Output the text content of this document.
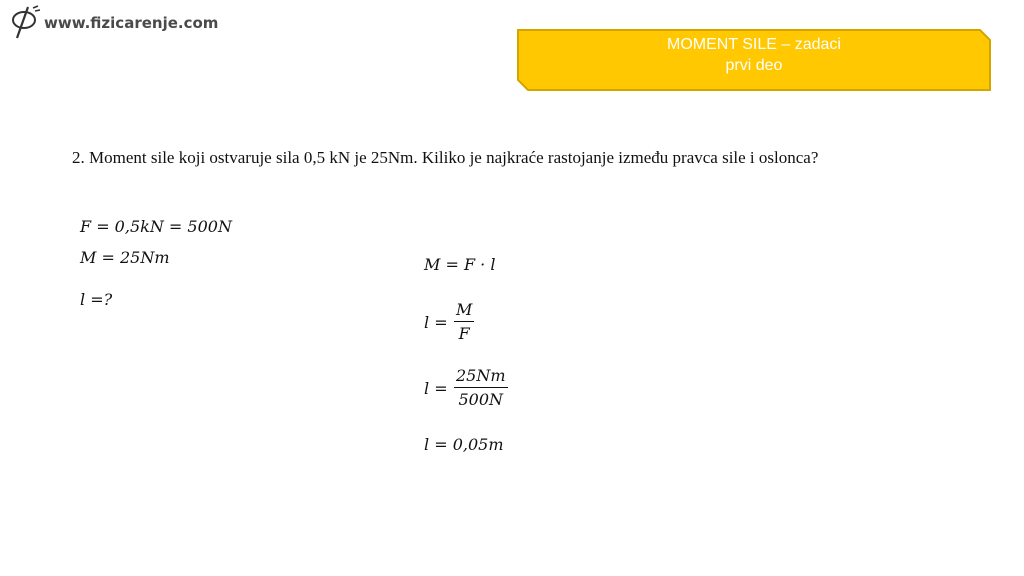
www.fizicarenje.com
MOMENT SILE – zadaci
prvi deo
2. Moment sile koji ostvaruje sila 0,5 kN je 25Nm. Kiliko je najkraće rastojanje između pravca sile i oslonca?
F = 0,5kN = 500N
M = 25Nm
l =?
M = F · l
$l = \frac{M}{F}$
$l = \frac{25Nm}{500N}$
l = 0,05m
